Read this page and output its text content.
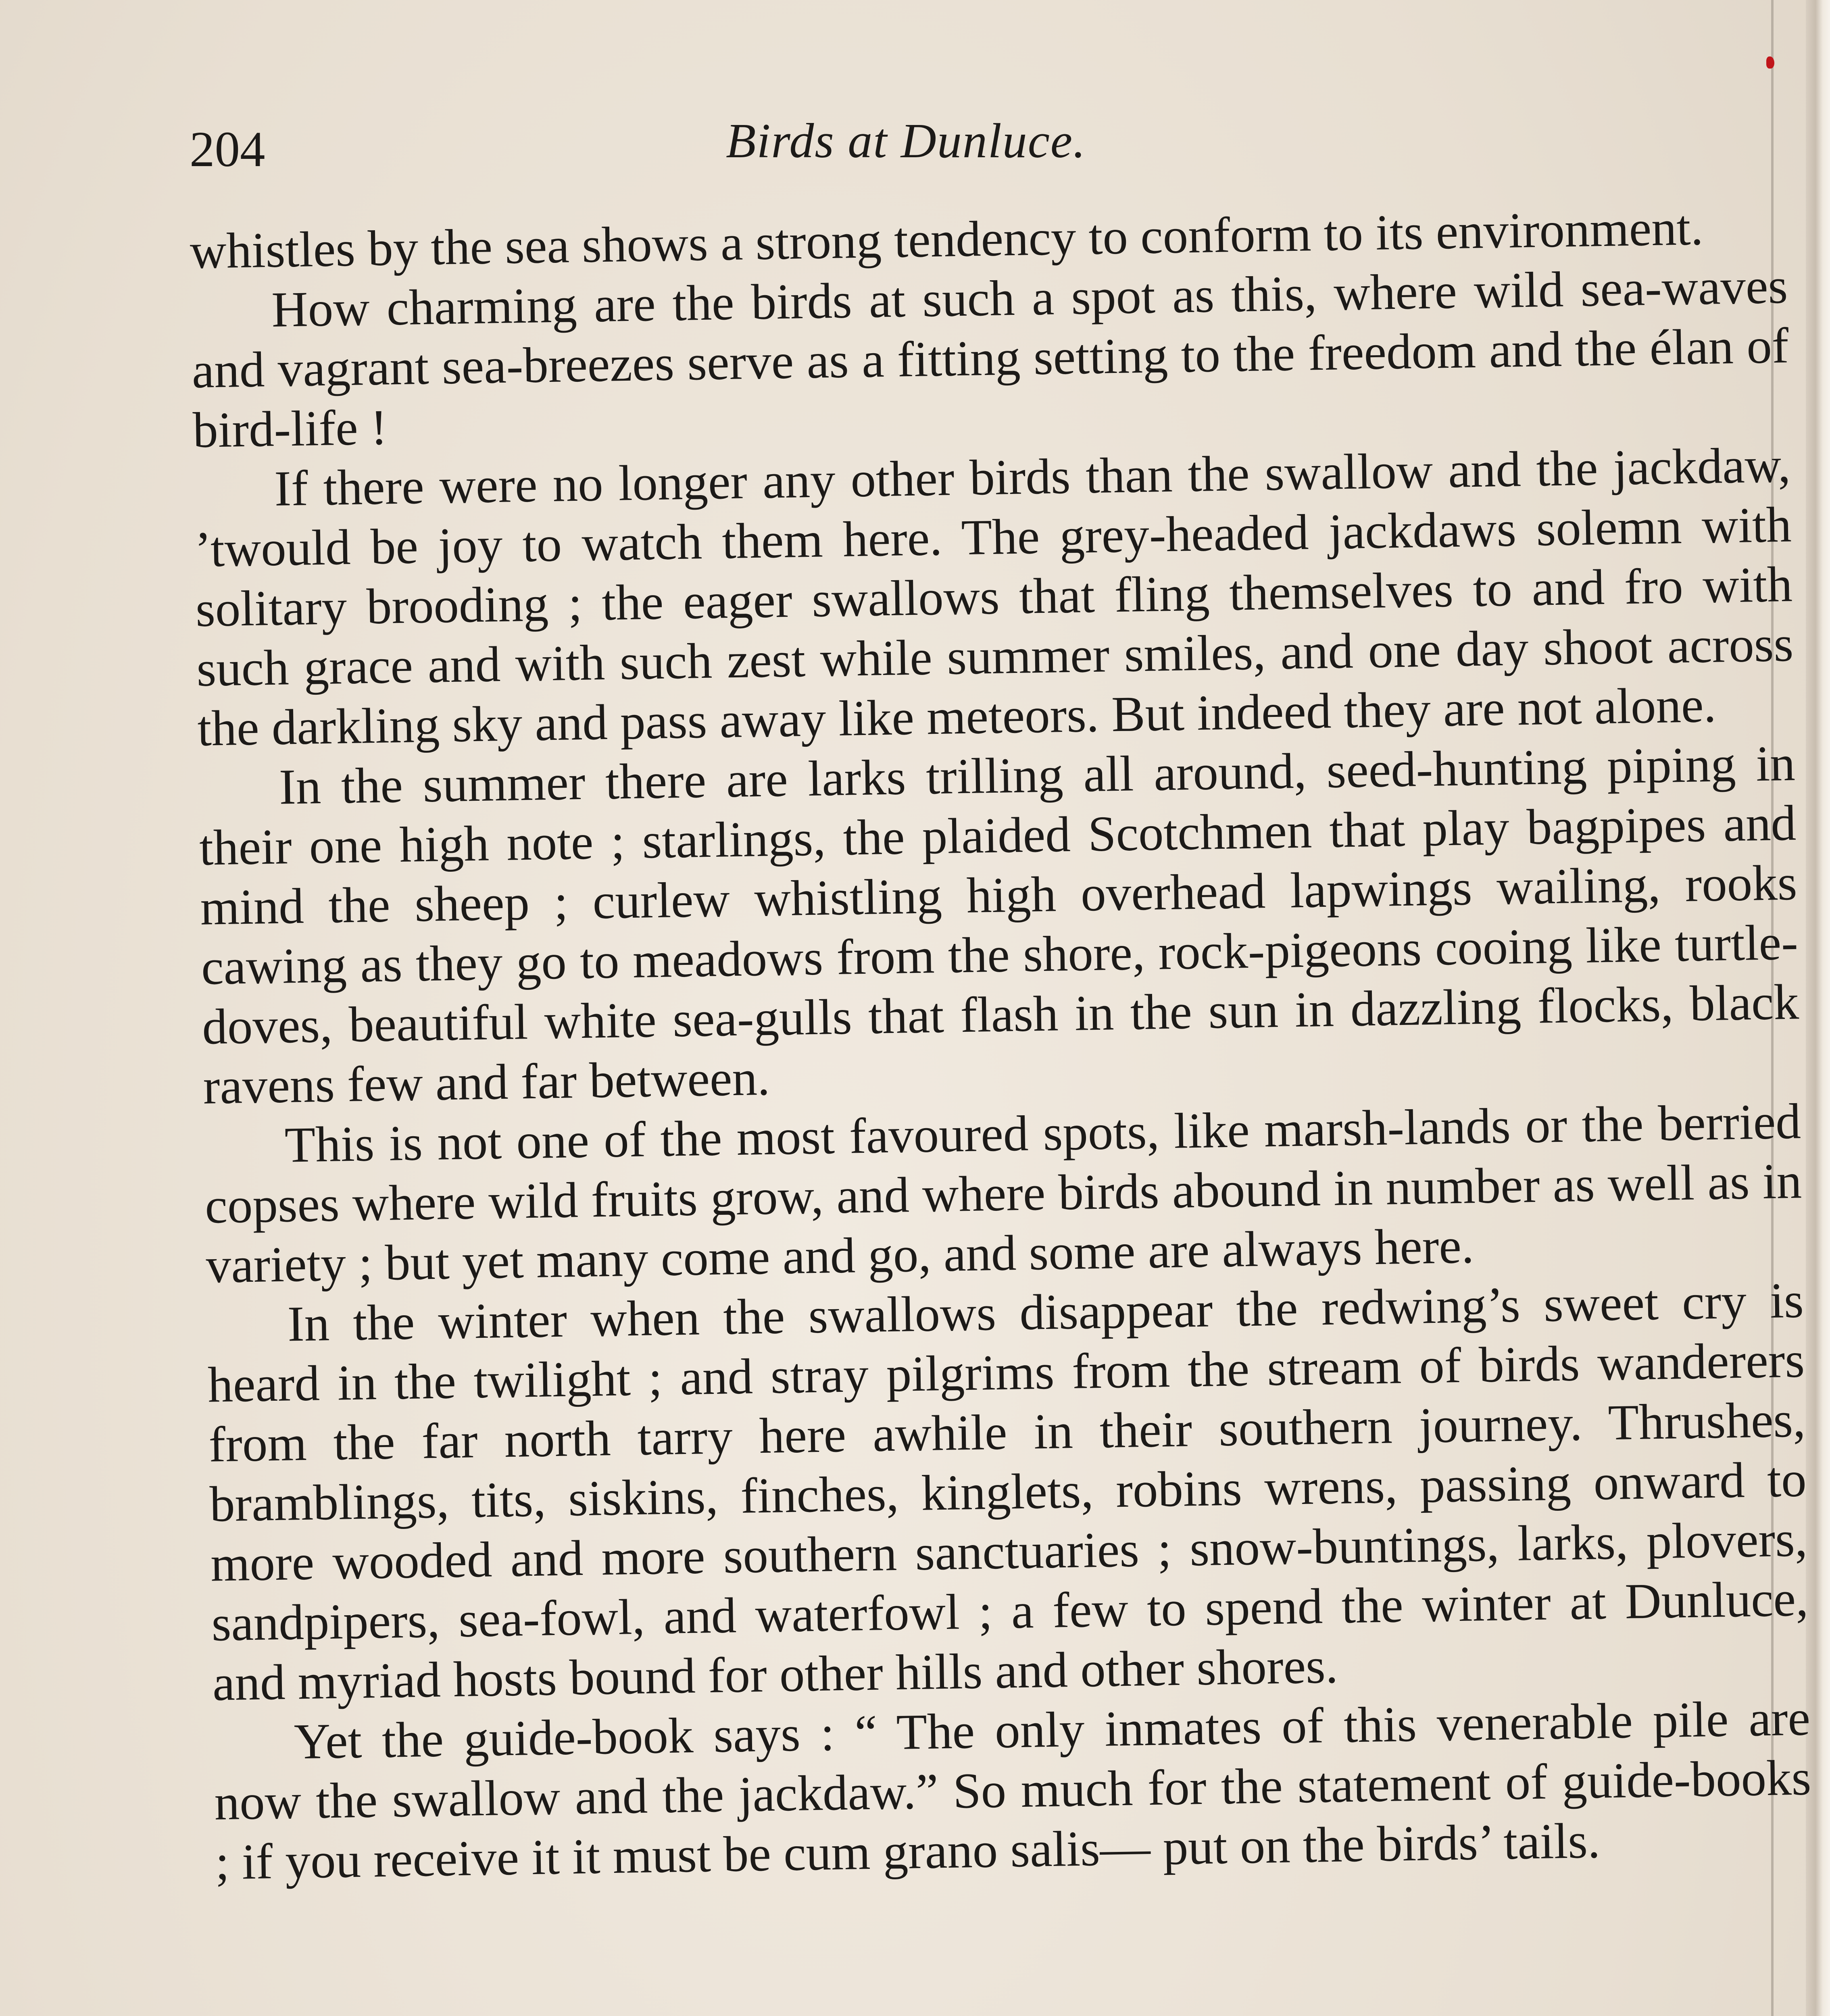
204	Birds at Dunluce.

whistles by the sea shows a strong tendency to conform to its environment.

How charming are the birds at such a spot as this, where wild sea-waves and vagrant sea-breezes serve as a fitting setting to the freedom and the élan of bird-life !

If there were no longer any other birds than the swallow and the jackdaw, ’twould be joy to watch them here. The grey-headed jackdaws solemn with solitary brooding ; the eager swallows that fling themselves to and fro with such grace and with such zest while summer smiles, and one day shoot across the darkling sky and pass away like meteors. But indeed they are not alone.

In the summer there are larks trilling all around, seed-hunting piping in their one high note ; starlings, the plaided Scotchmen that play bagpipes and mind the sheep ; curlew whistling high overhead lapwings wailing, rooks cawing as they go to meadows from the shore, rock-pigeons cooing like turtle-doves, beautiful white sea-gulls that flash in the sun in dazzling flocks, black ravens few and far between.

This is not one of the most favoured spots, like marsh-lands or the berried copses where wild fruits grow, and where birds abound in number as well as in variety ; but yet many come and go, and some are always here.

In the winter when the swallows disappear the redwing’s sweet cry is heard in the twilight ; and stray pilgrims from the stream of birds wanderers from the far north tarry here awhile in their southern journey. Thrushes, bramblings, tits, siskins, finches, kinglets, robins wrens, passing onward to more wooded and more southern sanctuaries ; snow-buntings, larks, plovers, sandpipers, sea-fowl, and waterfowl ; a few to spend the winter at Dunluce, and myriad hosts bound for other hills and other shores.

Yet the guide-book says : “ The only inmates of this venerable pile are now the swallow and the jackdaw.” So much for the statement of guide-books ; if you receive it it must be cum grano salis— put on the birds’ tails.
